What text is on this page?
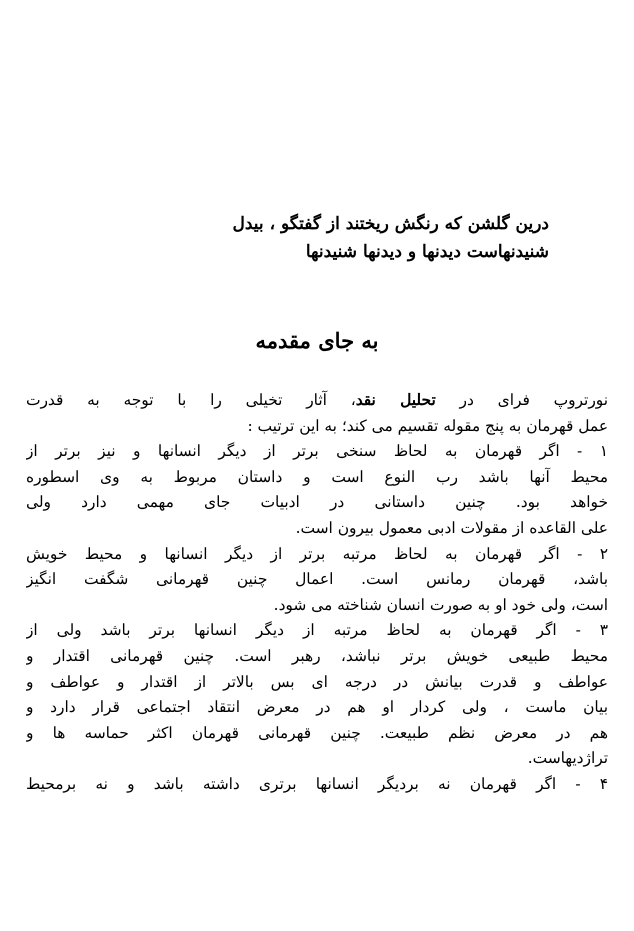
درین گلشن که رنگش ریختند از گفتگو ، بیدل
شنیدنهاست دیدنها و دیدنها شنیدنها
به جای مقدمه
نورتروپ فرای در تحلیل نقد، آثار تخیلی را با توجه به قدرت
عمل قهرمان به پنج مقوله تقسیم می کند؛ به این ترتیب :
۱ - اگر قهرمان به لحاظ سنخی برتر از دیگر انسانها و نیز برتر از
محیط آنها باشد رب النوع است و داستان مربوط به وی اسطوره
خواهد بود. چنین داستانی در ادبیات جای مهمی دارد ولی
علی القاعده از مقولات ادبی معمول بیرون است.
۲ - اگر قهرمان به لحاظ مرتبه برتر از دیگر انسانها و محیط خویش
باشد، قهرمان رمانس است. اعمال چنین قهرمانی شگفت انگیز
است، ولی خود او به صورت انسان شناخته می شود.
۳ - اگر قهرمان به لحاظ مرتبه از دیگر انسانها برتر باشد ولی از
محیط طبیعی خویش برتر نباشد، رهبر است. چنین قهرمانی اقتدار و
عواطف و قدرت بیانش در درجه ای بس بالاتر از اقتدار و عواطف و
بیان ماست ، ولی کردار او هم در معرض انتقاد اجتماعی قرار دارد و
هم در معرض نظم طبیعت. چنین قهرمانی قهرمان اکثر حماسه ها و
تراژدیهاست.
۴ - اگر قهرمان نه بردیگر انسانها برتری داشته باشد و نه برمحیط
